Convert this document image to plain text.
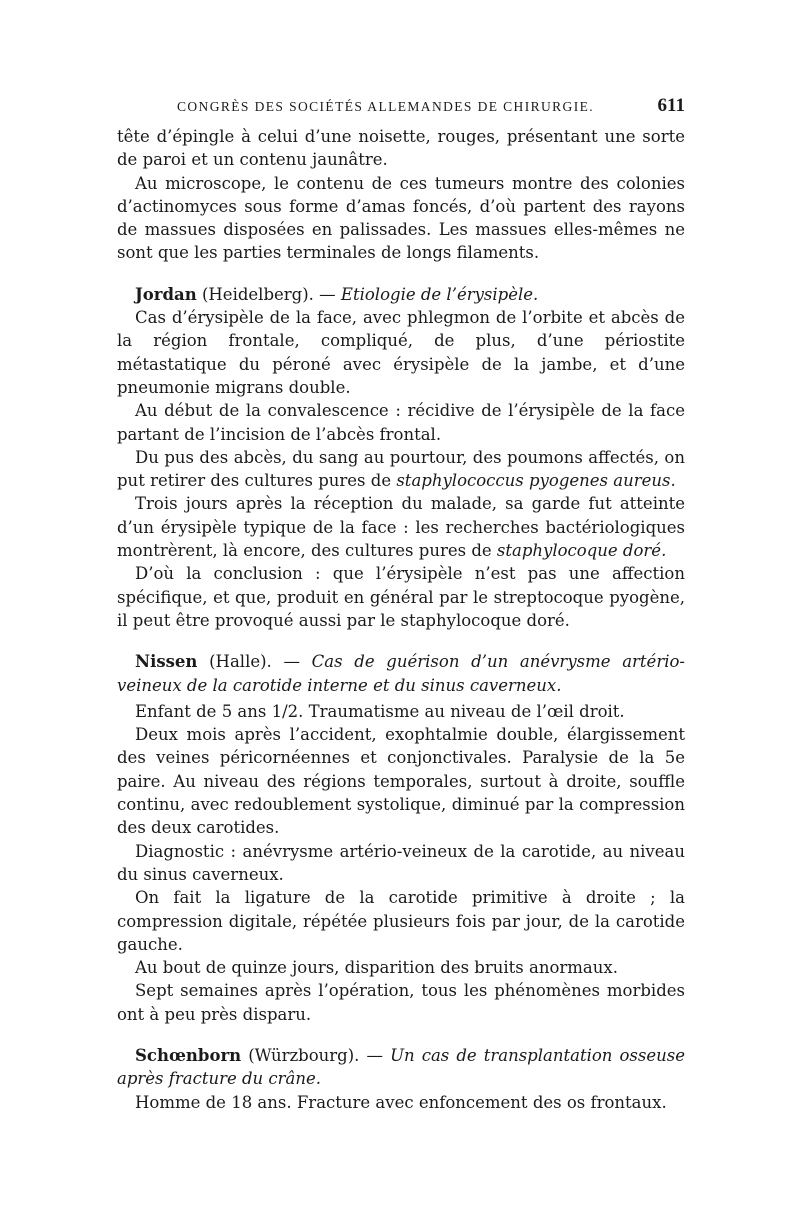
CONGRÈS DES SOCIÉTÉS ALLEMANDES DE CHIRURGIE.	611

tête d’épingle à celui d’une noisette, rouges, présentant une sorte de paroi et un contenu jaunâtre.

Au microscope, le contenu de ces tumeurs montre des colonies d’actinomyces sous forme d’amas foncés, d’où partent des rayons de massues disposées en palissades. Les massues elles-mêmes ne sont que les parties terminales de longs filaments.

Jordan (Heidelberg). — Etiologie de l’érysipèle.

Cas d’érysipèle de la face, avec phlegmon de l’orbite et abcès de la région frontale, compliqué, de plus, d’une périostite métastatique du péroné avec érysipèle de la jambe, et d’une pneumonie migrans double.

Au début de la convalescence : récidive de l’érysipèle de la face partant de l’incision de l’abcès frontal.

Du pus des abcès, du sang au pourtour, des poumons affectés, on put retirer des cultures pures de staphylococcus pyogenes aureus.

Trois jours après la réception du malade, sa garde fut atteinte d’un érysipèle typique de la face : les recherches bactériologiques montrèrent, là encore, des cultures pures de staphylocoque doré.

D’où la conclusion : que l’érysipèle n’est pas une affection spécifique, et que, produit en général par le streptocoque pyogène, il peut être provoqué aussi par le staphylocoque doré.

Nissen (Halle). — Cas de guérison d’un anévrysme artério-veineux de la carotide interne et du sinus caverneux.

Enfant de 5 ans 1/2. Traumatisme au niveau de l’œil droit.

Deux mois après l’accident, exophtalmie double, élargissement des veines péricornéennes et conjonctivales. Paralysie de la 5e paire. Au niveau des régions temporales, surtout à droite, souffle continu, avec redoublement systolique, diminué par la compression des deux carotides.

Diagnostic : anévrysme artério-veineux de la carotide, au niveau du sinus caverneux.

On fait la ligature de la carotide primitive à droite ; la compression digitale, répétée plusieurs fois par jour, de la carotide gauche.

Au bout de quinze jours, disparition des bruits anormaux.

Sept semaines après l’opération, tous les phénomènes morbides ont à peu près disparu.

Schœnborn (Würzbourg). — Un cas de transplantation osseuse après fracture du crâne.

Homme de 18 ans. Fracture avec enfoncement des os frontaux.
